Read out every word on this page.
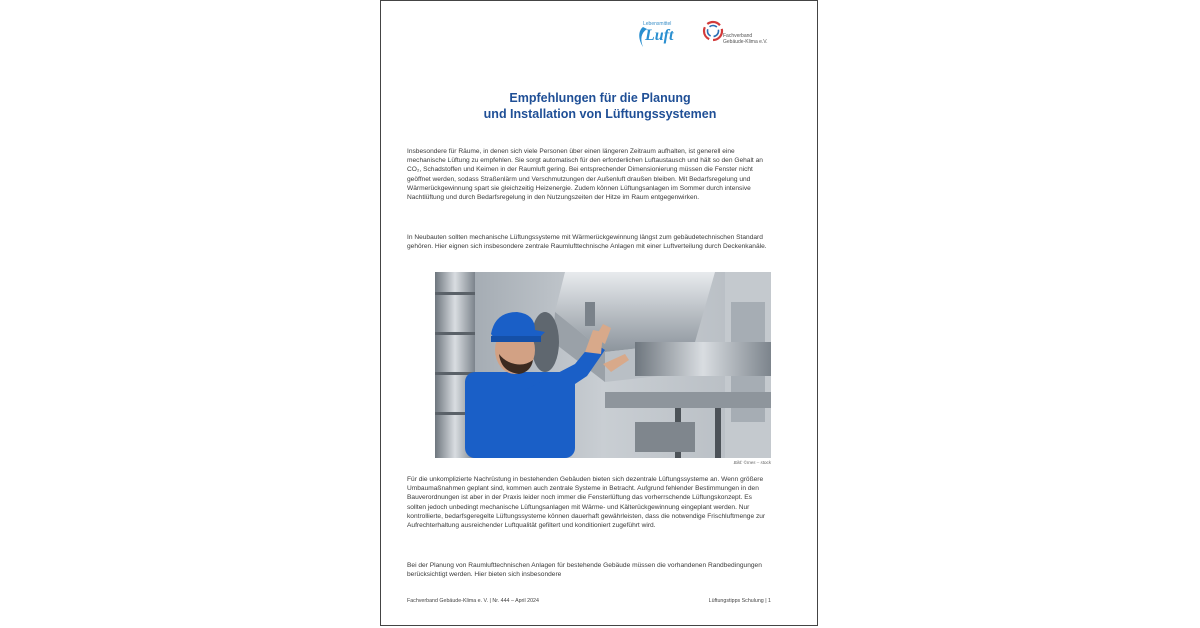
Lebensmittel
Luft	Fachverband
Gebäude-Klima e.V.
Empfehlungen für die Planung
und Installation von Lüftungssystemen
Insbesondere für Räume, in denen sich viele Personen über einen längeren Zeitraum aufhalten, ist generell eine mechanische Lüftung zu empfehlen. Sie sorgt automatisch für den erforderlichen Luftaustausch und hält so den Gehalt an CO₂, Schadstoffen und Keimen in der Raumluft gering. Bei entsprechender Dimensionierung müssen die Fenster nicht geöffnet werden, sodass Straßenlärm und Verschmutzungen der Außenluft draußen bleiben. Mit Bedarfsregelung und Wärmerückgewinnung spart sie gleichzeitig Heizenergie. Zudem können Lüftungsanlagen im Sommer durch intensive Nachtlüftung und durch Bedarfsregelung in den Nutzungszeiten der Hitze im Raum entgegenwirken.
In Neubauten sollten mechanische Lüftungssysteme mit Wärmerückgewinnung längst zum gebäudetechnischen Standard gehören. Hier eignen sich insbesondere zentrale Raumlufttechnische Anlagen mit einer Luftverteilung durch Deckenkanäle.
Bild: ©Ines – stock
Für die unkomplizierte Nachrüstung in bestehenden Gebäuden bieten sich dezentrale Lüftungssysteme an. Wenn größere Umbaumaßnahmen geplant sind, kommen auch zentrale Systeme in Betracht. Aufgrund fehlender Bestimmungen in den Bauverordnungen ist aber in der Praxis leider noch immer die Fensterlüftung das vorherrschende Lüftungskonzept. Es sollten jedoch unbedingt mechanische Lüftungsanlagen mit Wärme- und Kälterückgewinnung eingeplant werden. Nur kontrollierte, bedarfsgeregelte Lüftungssysteme können dauerhaft gewährleisten, dass die notwendige Frischluftmenge zur Aufrechterhaltung ausreichender Luftqualität gefiltert und konditioniert zugeführt wird.
Bei der Planung von Raumlufttechnischen Anlagen für bestehende Gebäude müssen die vorhandenen Randbedingungen berücksichtigt werden. Hier bieten sich insbesondere
Fachverband Gebäude-Klima e. V. | Nr. 444 – April 2024	Lüftungstipps Schulung | 1
